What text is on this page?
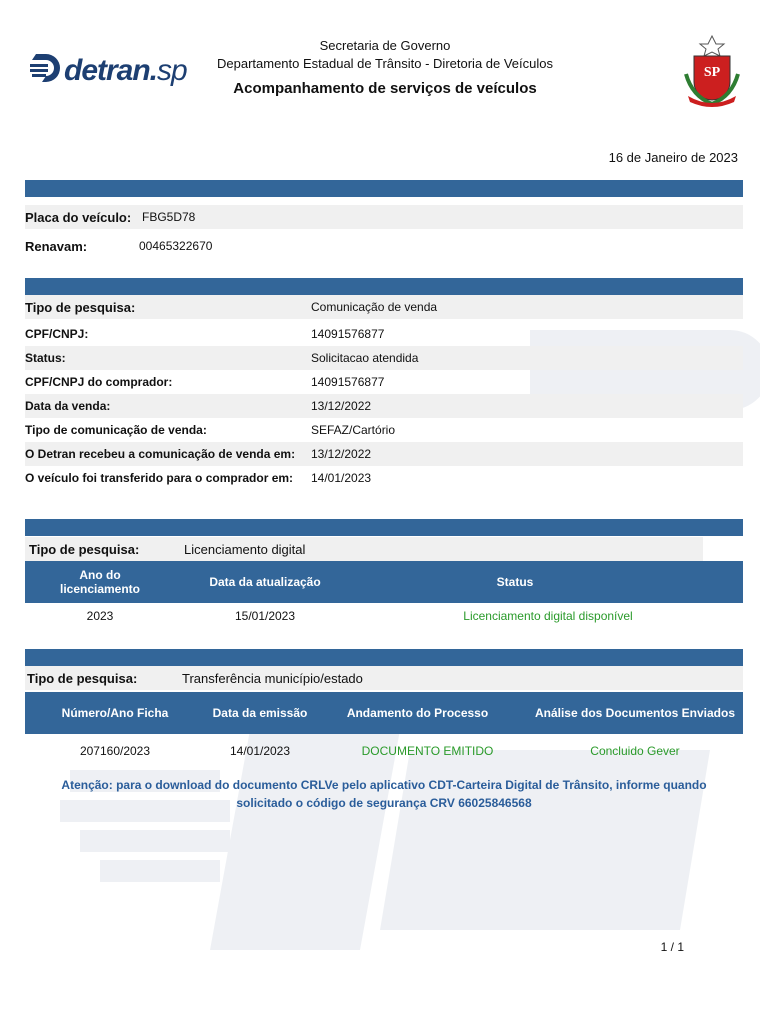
detran.sp
Secretaria de Governo
Departamento Estadual de Trânsito - Diretoria de Veículos
Acompanhamento de serviços de veículos
SP
16 de Janeiro de 2023
Placa do veículo: FBG5D78
Renavam:	00465322670
Tipo de pesquisa:	Comunicação de venda
CPF/CNPJ:	14091576877
Status:	Solicitacao atendida
CPF/CNPJ do comprador:	14091576877
Data da venda:	13/12/2022
Tipo de comunicação de venda:	SEFAZ/Cartório
O Detran recebeu a comunicação de venda em: 13/12/2022
O veículo foi transferido para o comprador em: 14/01/2023
Tipo de pesquisa:	Licenciamento digital
Ano do licenciamento	Data da atualização	Status
2023	15/01/2023	Licenciamento digital disponível
Tipo de pesquisa:	Transferência município/estado
Número/Ano Ficha	Data da emissão	Andamento do Processo	Análise dos Documentos Enviados
207160/2023	14/01/2023	DOCUMENTO EMITIDO	Concluido Gever
Atenção: para o download do documento CRLVe pelo aplicativo CDT-Carteira Digital de Trânsito, informe quando
solicitado o código de segurança CRV 66025846568
1 / 1
